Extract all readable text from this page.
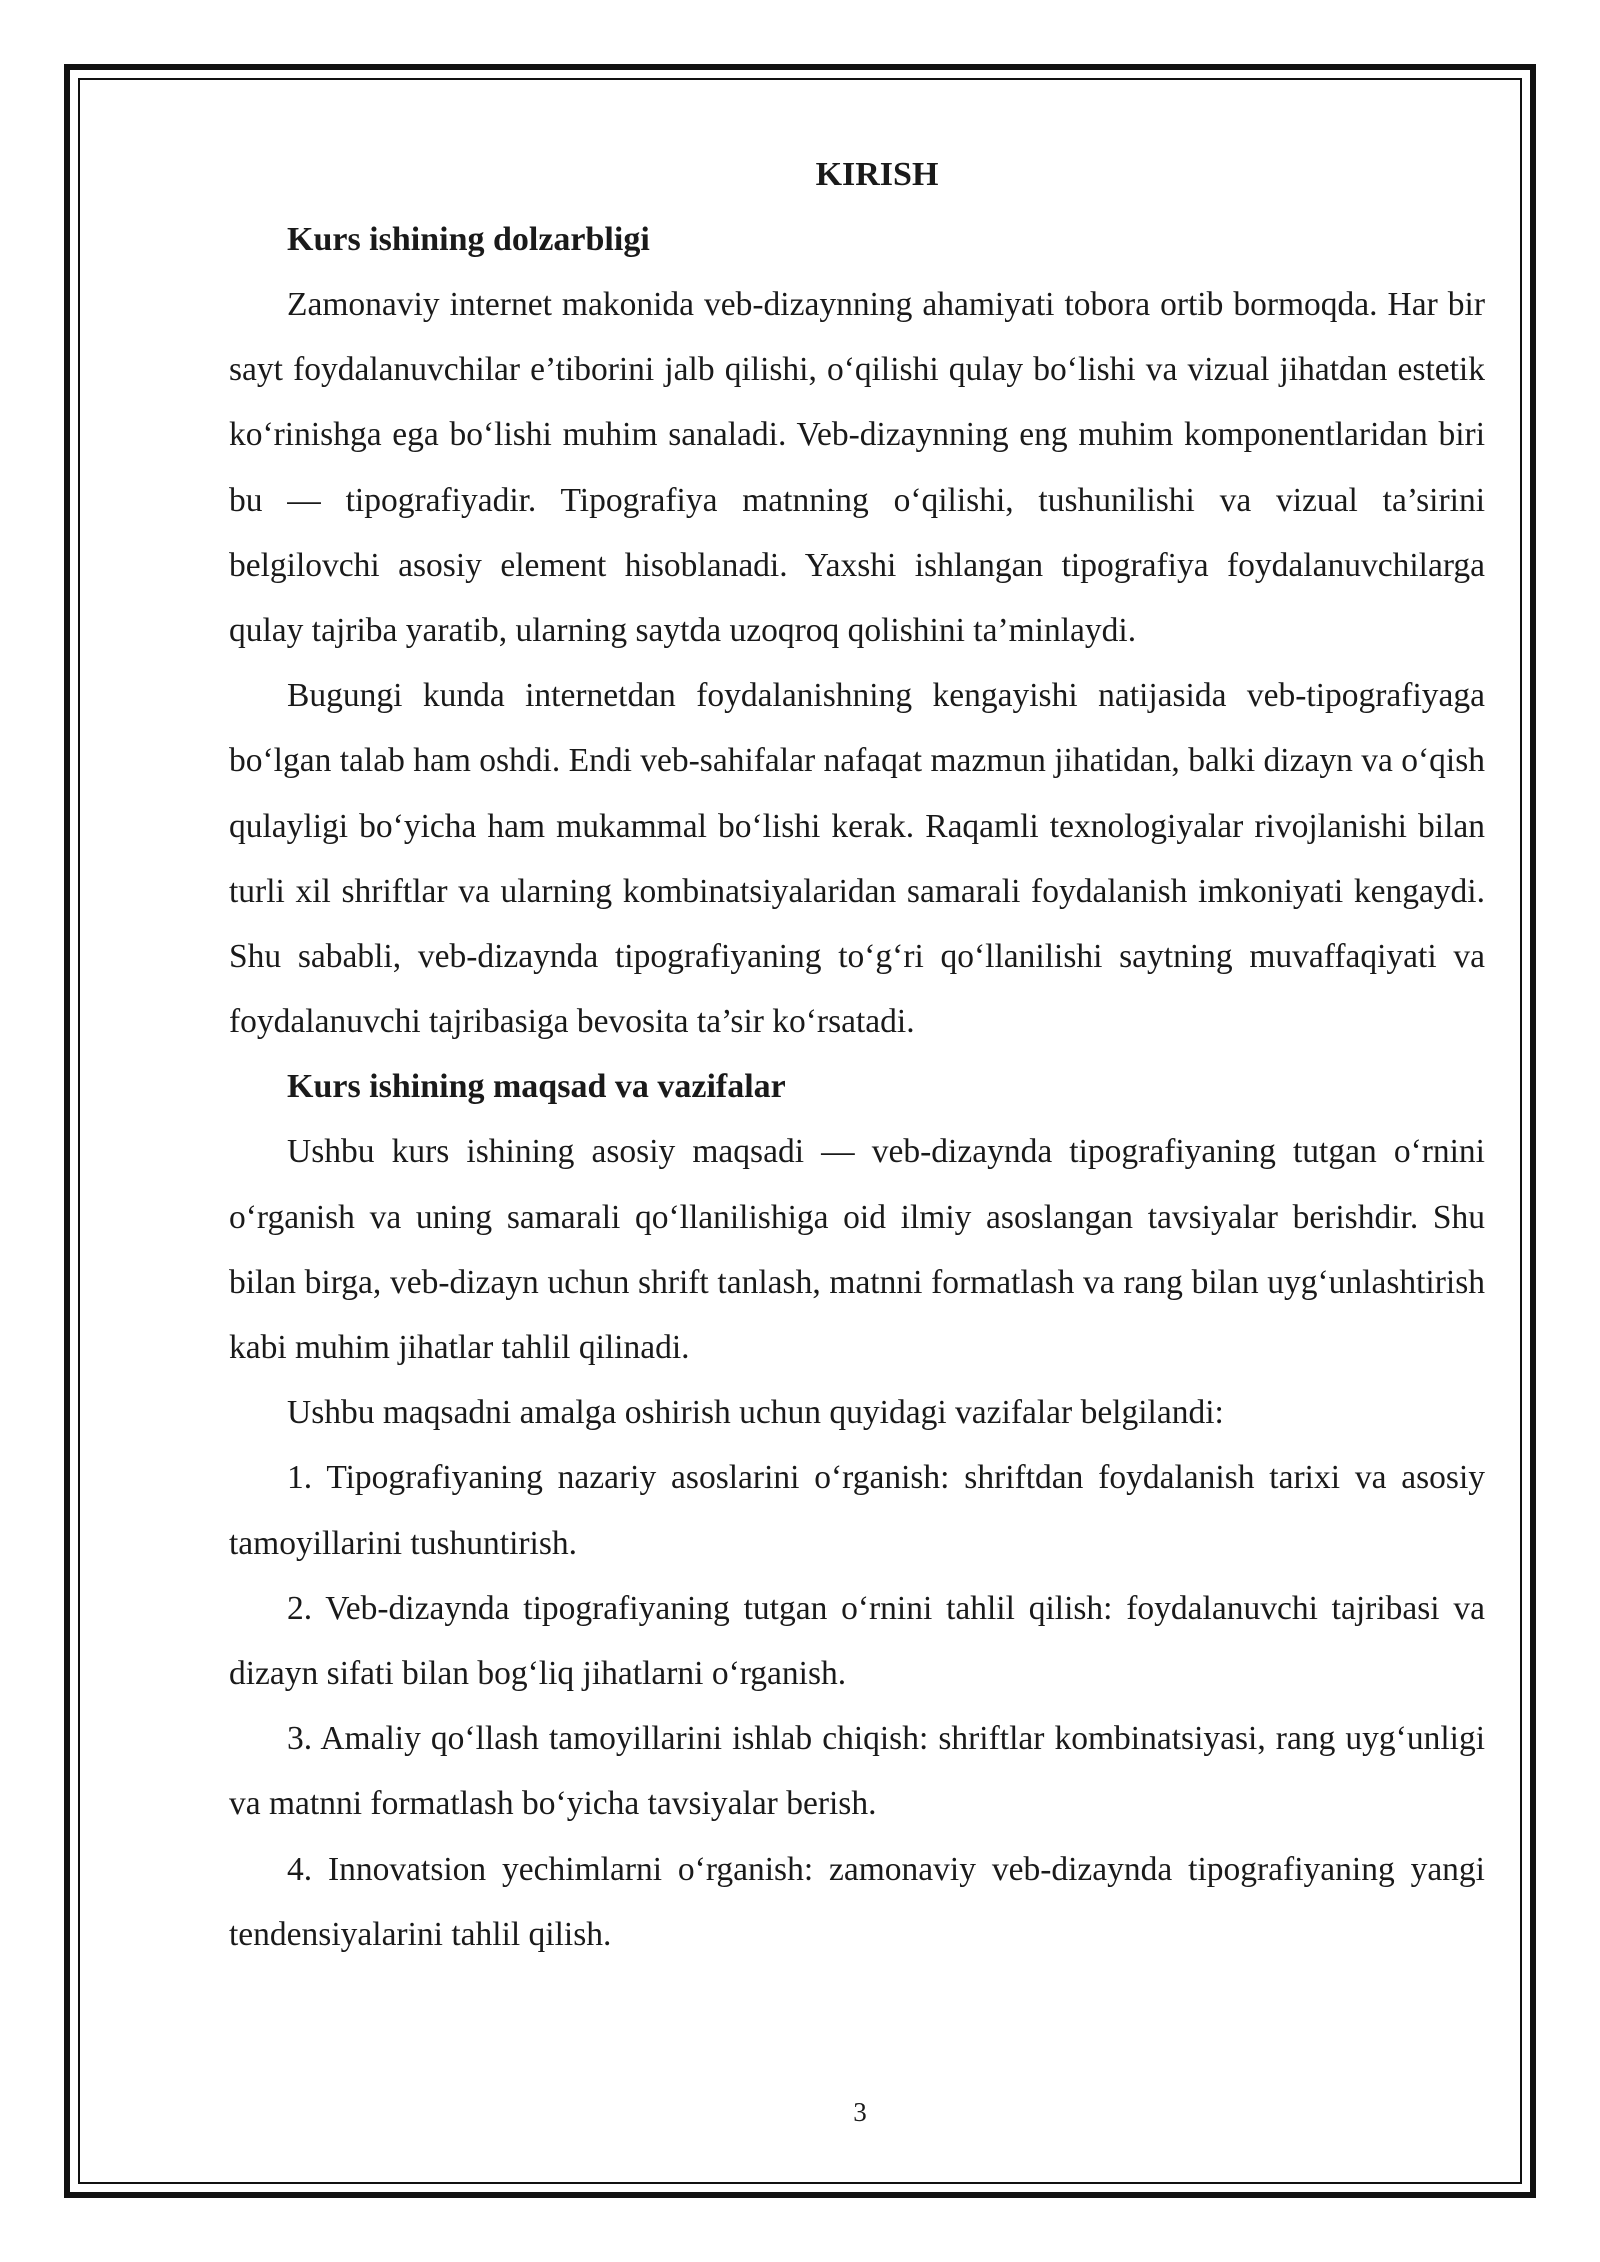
KIRISH
Kurs ishining dolzarbligi

Zamonaviy internet makonida veb-dizaynning ahamiyati tobora ortib bormoqda. Har bir sayt foydalanuvchilar e’tiborini jalb qilishi, o‘qilishi qulay bo‘lishi va vizual jihatdan estetik ko‘rinishga ega bo‘lishi muhim sanaladi. Veb-dizaynning eng muhim komponentlaridan biri bu — tipografiyadir. Tipografiya matnning o‘qilishi, tushunilishi va vizual ta’sirini belgilovchi asosiy element hisoblanadi. Yaxshi ishlangan tipografiya foydalanuvchilarga qulay tajriba yaratib, ularning saytda uzoqroq qolishini ta’minlaydi.

Bugungi kunda internetdan foydalanishning kengayishi natijasida veb-tipografiyaga bo‘lgan talab ham oshdi. Endi veb-sahifalar nafaqat mazmun jihatidan, balki dizayn va o‘qish qulayligi bo‘yicha ham mukammal bo‘lishi kerak. Raqamli texnologiyalar rivojlanishi bilan turli xil shriftlar va ularning kombinatsiyalaridan samarali foydalanish imkoniyati kengaydi. Shu sababli, veb-dizaynda tipografiyaning to‘g‘ri qo‘llanilishi saytning muvaffaqiyati va foydalanuvchi tajribasiga bevosita ta’sir ko‘rsatadi.

Kurs ishining maqsad va vazifalar

Ushbu kurs ishining asosiy maqsadi — veb-dizaynda tipografiyaning tutgan o‘rnini o‘rganish va uning samarali qo‘llanilishiga oid ilmiy asoslangan tavsiyalar berishdir. Shu bilan birga, veb-dizayn uchun shrift tanlash, matnni formatlash va rang bilan uyg‘unlashtirish kabi muhim jihatlar tahlil qilinadi.

Ushbu maqsadni amalga oshirish uchun quyidagi vazifalar belgilandi:

1. Tipografiyaning nazariy asoslarini o‘rganish: shriftdan foydalanish tarixi va asosiy tamoyillarini tushuntirish.

2. Veb-dizaynda tipografiyaning tutgan o‘rnini tahlil qilish: foydalanuvchi tajribasi va dizayn sifati bilan bog‘liq jihatlarni o‘rganish.

3. Amaliy qo‘llash tamoyillarini ishlab chiqish: shriftlar kombinatsiyasi, rang uyg‘unligi va matnni formatlash bo‘yicha tavsiyalar berish.

4. Innovatsion yechimlarni o‘rganish: zamonaviy veb-dizaynda tipografiyaning yangi tendensiyalarini tahlil qilish.

3
